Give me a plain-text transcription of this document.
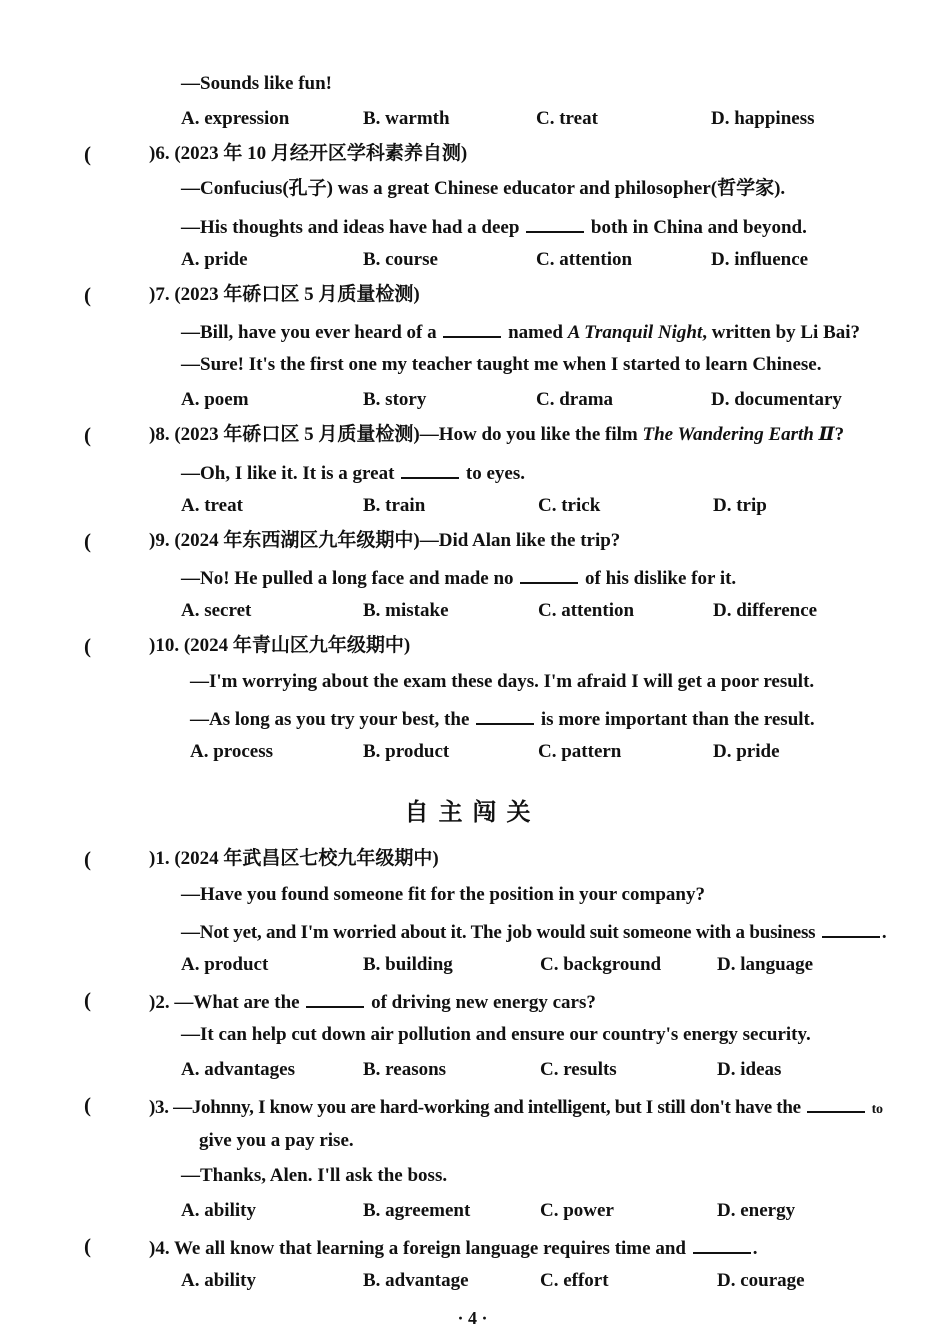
—Sounds like fun!
A. expression	B. warmth	C. treat	D. happiness
(	)6. (2023 年 10 月经开区学科素养自测)
—Confucius(孔子) was a great Chinese educator and philosopher(哲学家).
—His thoughts and ideas have had a deep	both in China and beyond.
A. pride	B. course	C. attention	D. influence
(	)7. (2023 年硚口区 5 月质量检测)
—Bill, have you ever heard of a	named A Tranquil Night, written by Li Bai?
—Sure! It's the first one my teacher taught me when I started to learn Chinese.
A. poem	B. story	C. drama	D. documentary
(	)8. (2023 年硚口区 5 月质量检测)—How do you like the film The Wandering Earth Ⅱ?
—Oh, I like it. It is a great	to eyes.
A. treat	B. train	C. trick	D. trip
(	)9. (2024 年东西湖区九年级期中)—Did Alan like the trip?
—No! He pulled a long face and made no	of his dislike for it.
A. secret	B. mistake	C. attention	D. difference
(	)10. (2024 年青山区九年级期中)
—I'm worrying about the exam these days. I'm afraid I will get a poor result.
—As long as you try your best, the	is more important than the result.
A. process	B. product	C. pattern	D. pride
自主闯关
(	)1. (2024 年武昌区七校九年级期中)
—Have you found someone fit for the position in your company?
—Not yet, and I'm worried about it. The job would suit someone with a business	.
A. product	B. building	C. background	D. language
(	)2. —What are the	of driving new energy cars?
—It can help cut down air pollution and ensure our country's energy security.
A. advantages	B. reasons	C. results	D. ideas
(	)3. —Johnny, I know you are hard-working and intelligent, but I still don't have the	to
give you a pay rise.
—Thanks, Alen. I'll ask the boss.
A. ability	B. agreement	C. power	D. energy
(	)4. We all know that learning a foreign language requires time and	.
A. ability	B. advantage	C. effort	D. courage
· 4 ·
